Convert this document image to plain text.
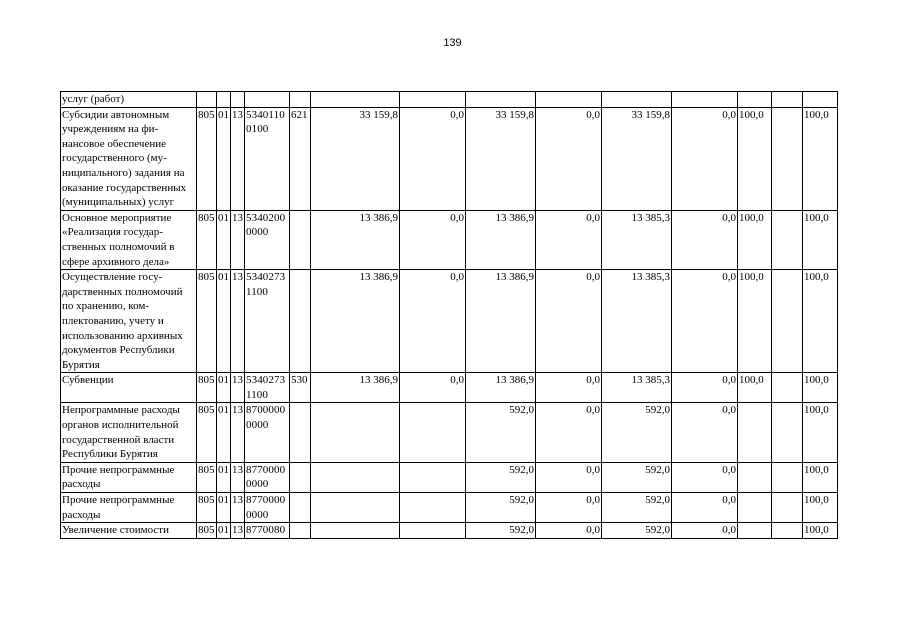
139
услуг (работ)														
Субсидии автономным учреждениям на финансовое обеспечение государственного (муниципального) задания на оказание государственных (муниципальных) услуг	805	01	13	53401100100	621	33 159,8	0,0	33 159,8	0,0	33 159,8	0,0	100,0		100,0
Основное мероприятие «Реализация государственных полномочий в сфере архивного дела»	805	01	13	53402000000		13 386,9	0,0	13 386,9	0,0	13 385,3	0,0	100,0		100,0
Осуществление государственных полномочий по хранению, комплектованию, учету и использованию архивных документов Республики Бурятия	805	01	13	53402731100		13 386,9	0,0	13 386,9	0,0	13 385,3	0,0	100,0		100,0
Субвенции	805	01	13	53402731100	530	13 386,9	0,0	13 386,9	0,0	13 385,3	0,0	100,0		100,0
Непрограммные расходы органов исполнительной государственной власти Республики Бурятия	805	01	13	87000000000				592,0	0,0	592,0	0,0			100,0
Прочие непрограммные расходы	805	01	13	87700000000				592,0	0,0	592,0	0,0			100,0
Прочие непрограммные расходы	805	01	13	87700000000				592,0	0,0	592,0	0,0			100,0
Увеличение стоимости	805	01	13	8770080				592,0	0,0	592,0	0,0			100,0
